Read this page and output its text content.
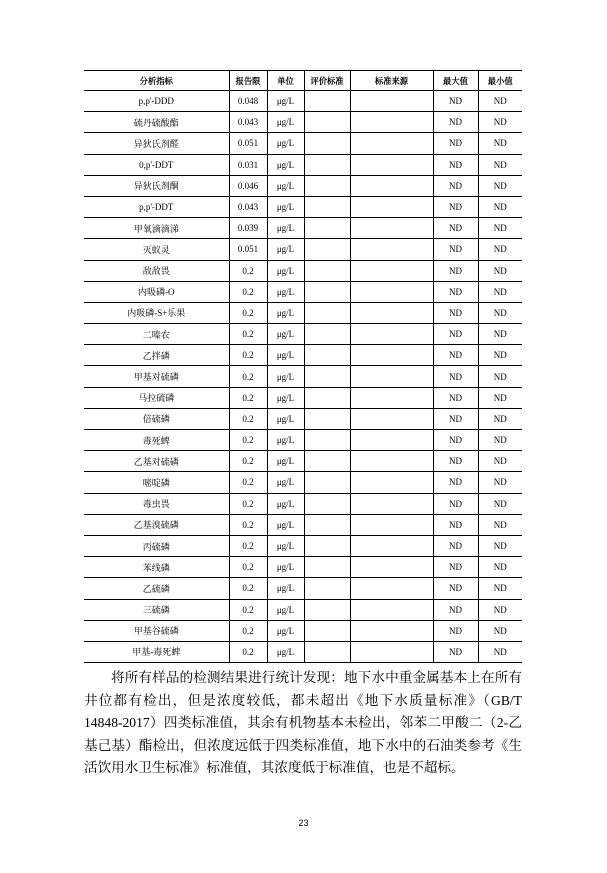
分析指标	报告限	单位	评价标准	标准来源	最大值	最小值
p,p'-DDD	0.048	μg/L			ND	ND
硫丹硫酸酯	0.043	μg/L			ND	ND
异狄氏剂醛	0.051	μg/L			ND	ND
0,p'-DDT	0.031	μg/L			ND	ND
异狄氏剂酮	0.046	μg/L			ND	ND
p,p'-DDT	0.043	μg/L			ND	ND
甲氧滴滴涕	0.039	μg/L			ND	ND
灭蚁灵	0.051	μg/L			ND	ND
敌敌畏	0.2	μg/L			ND	ND
内吸磷-O	0.2	μg/L			ND	ND
内吸磷-S+乐果	0.2	μg/L			ND	ND
二嗪农	0.2	μg/L			ND	ND
乙拌磷	0.2	μg/L			ND	ND
甲基对硫磷	0.2	μg/L			ND	ND
马拉硫磷	0.2	μg/L			ND	ND
倍硫磷	0.2	μg/L			ND	ND
毒死蜱	0.2	μg/L			ND	ND
乙基对硫磷	0.2	μg/L			ND	ND
嘧啶磷	0.2	μg/L			ND	ND
毒虫畏	0.2	μg/L			ND	ND
乙基溴硫磷	0.2	μg/L			ND	ND
丙硫磷	0.2	μg/L			ND	ND
苯线磷	0.2	μg/L			ND	ND
乙硫磷	0.2	μg/L			ND	ND
三硫磷	0.2	μg/L			ND	ND
甲基谷硫磷	0.2	μg/L			ND	ND
甲基-毒死蜱	0.2	μg/L			ND	ND

将所有样品的检测结果进行统计发现：地下水中重金属基本上在所有井位都有检出，但是浓度较低，都未超出《地下水质量标准》（GB/T 14848-2017）四类标准值，其余有机物基本未检出，邻苯二甲酸二（2-乙基己基）酯检出，但浓度远低于四类标准值，地下水中的石油类参考《生活饮用水卫生标准》标准值，其浓度低于标准值，也是不超标。

23
